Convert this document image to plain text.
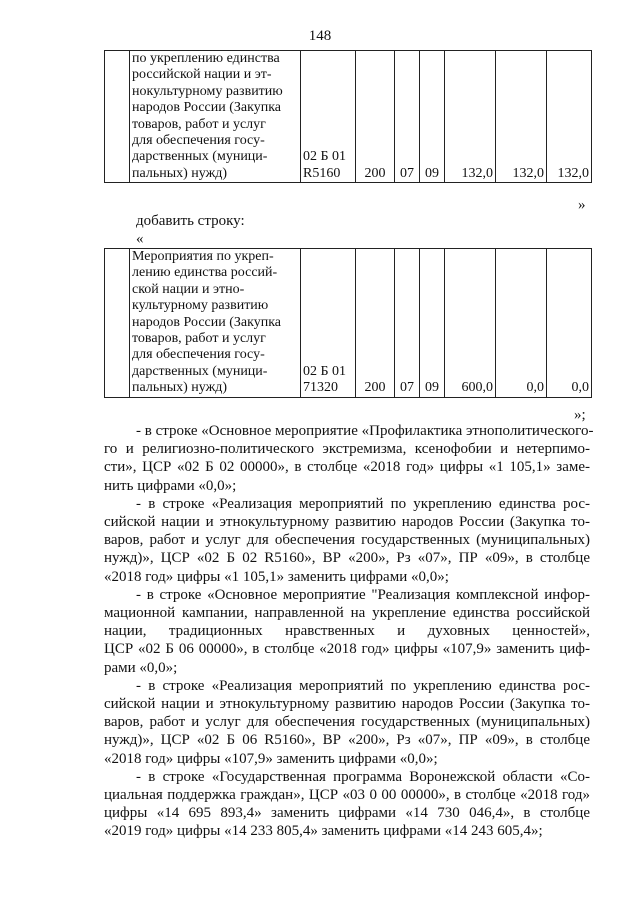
148

по укреплению единства
российской нации и эт-
нокультурному развитию
народов России (Закупка
товаров, работ и услуг
для обеспечения госу-
дарственных (муници-
пальных) нужд)

02 Б 01
R5160	200	07	09	132,0	132,0	132,0
»
добавить строку:
«

Мероприятия по укреп-
лению единства россий-
ской нации и этно-
культурному развитию
народов России (Закупка
товаров, работ и услуг
для обеспечения госу-
дарственных (муници-
пальных) нужд)

02 Б 01
71320	200	07	09	600,0	0,0	0,0
»;
- в строке «Основное мероприятие «Профилактика этнополитического-
го и религиозно-политического экстремизма, ксенофобии и нетерпимо-
сти», ЦСР «02 Б 02 00000», в столбце «2018 год» цифры «1 105,1» заме-
нить цифрами «0,0»;
- в строке «Реализация мероприятий по укреплению единства рос-
сийской нации и этнокультурному развитию народов России (Закупка то-
варов, работ и услуг для обеспечения государственных (муниципальных)
нужд)», ЦСР «02 Б 02 R5160», ВР «200», Рз «07», ПР «09», в столбце
«2018 год» цифры «1 105,1» заменить цифрами «0,0»;
- в строке «Основное мероприятие "Реализация комплексной инфор-
мационной кампании, направленной на укрепление единства российской
нации, традиционных нравственных и духовных ценностей»,
ЦСР «02 Б 06 00000», в столбце «2018 год» цифры «107,9» заменить циф-
рами «0,0»;
- в строке «Реализация мероприятий по укреплению единства рос-
сийской нации и этнокультурному развитию народов России (Закупка то-
варов, работ и услуг для обеспечения государственных (муниципальных)
нужд)», ЦСР «02 Б 06 R5160», ВР «200», Рз «07», ПР «09», в столбце
«2018 год» цифры «107,9» заменить цифрами «0,0»;
- в строке «Государственная программа Воронежской области «Со-
циальная поддержка граждан», ЦСР «03 0 00 00000», в столбце «2018 год»
цифры «14 695 893,4» заменить цифрами «14 730 046,4», в столбце
«2019 год» цифры «14 233 805,4» заменить цифрами «14 243 605,4»;
